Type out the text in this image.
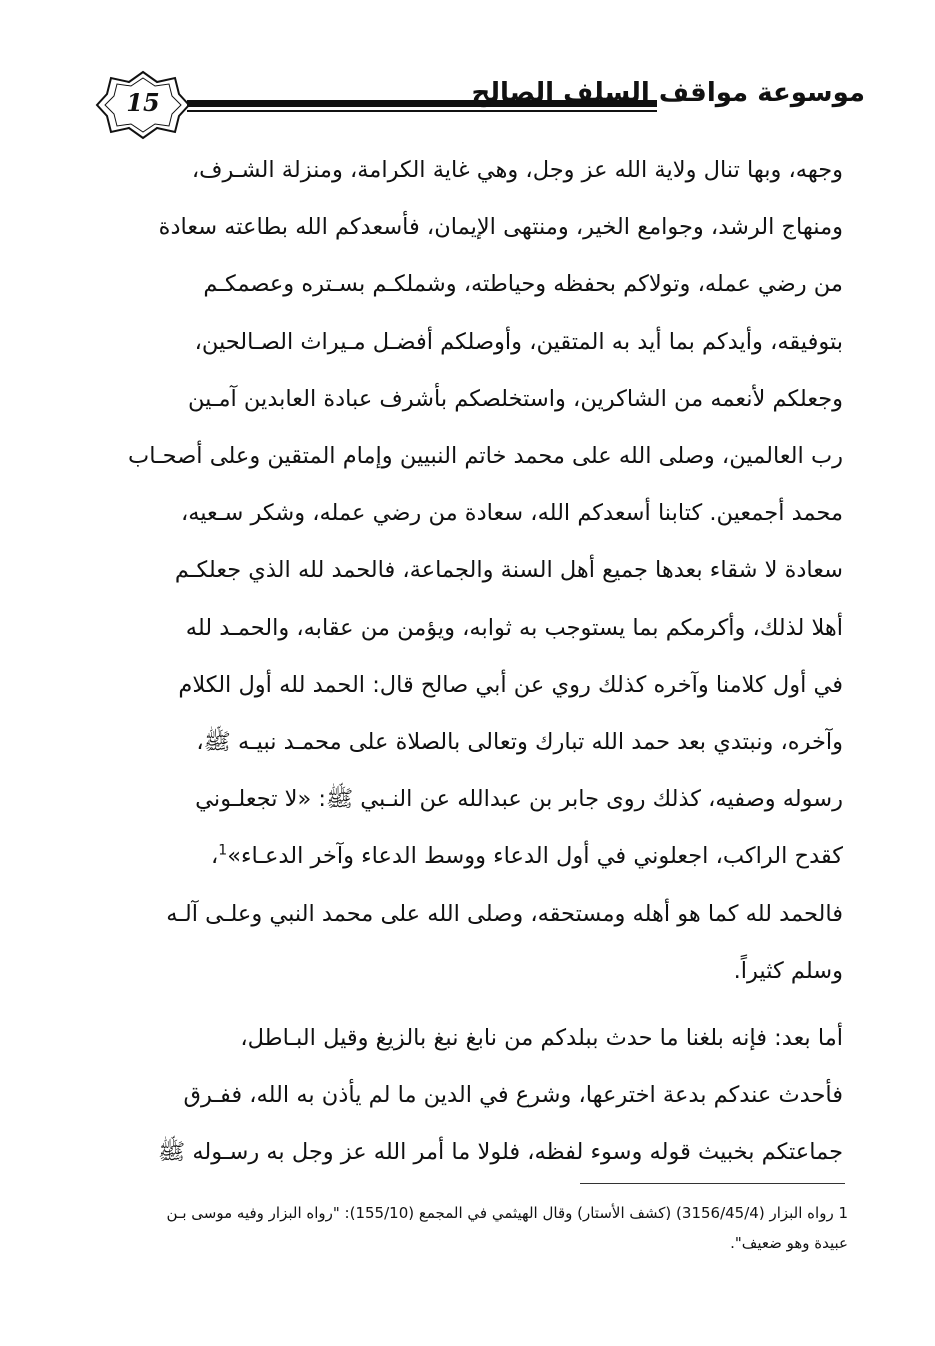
15	موسوعة مواقف السلف الصالح
وجهه، وبها تنال ولاية الله عز وجل، وهي غاية الكرامة، ومنزلة الشـرف،
ومنهاج الرشد، وجوامع الخير، ومنتهى الإيمان، فأسعدكم الله بطاعته سعادة
من رضي عمله، وتولاكم بحفظه وحياطته، وشملكـم بسـتره وعصمكـم
بتوفيقه، وأيدكم بما أيد به المتقين، وأوصلكم أفضـل مـيراث الصـالحين،
وجعلكم لأنعمه من الشاكرين، واستخلصكم بأشرف عبادة العابدين آمـين
رب العالمين، وصلى الله على محمد خاتم النبيين وإمام المتقين وعلى أصحـاب
محمد أجمعين. كتابنا أسعدكم الله، سعادة من رضي عمله، وشكر سـعيه،
سعادة لا شقاء بعدها جميع أهل السنة والجماعة، فالحمد لله الذي جعلكـم
أهلا لذلك، وأكرمكم بما يستوجب به ثوابه، ويؤمن من عقابه، والحمـد لله
في أول كلامنا وآخره كذلك روي عن أبي صالح قال: الحمد لله أول الكلام
وآخره، ونبتدي بعد حمد الله تبارك وتعالى بالصلاة على محمـد نبيـه ﷺ،
رسوله وصفيه، كذلك روى جابر بن عبدالله عن النـبي ﷺ: «لا تجعلـوني
كقدح الراكب، اجعلوني في أول الدعاء ووسط الدعاء وآخر الدعـاء»$^1$،
فالحمد لله كما هو أهله ومستحقه، وصلى الله على محمد النبي وعلـى آلـه
وسلم كثيراً.
أما بعد: فإنه بلغنا ما حدث ببلدكم من نابغ نبغ بالزيغ وقيل البـاطل،
فأحدث عندكم بدعة اخترعها، وشرع في الدين ما لم يأذن به الله، ففـرق
جماعتكم بخبيث قوله وسوء لفظه، فلولا ما أمر الله عز وجل به رسـوله ﷺ
1 رواه البزار (3156/45/4) (كشف الأستار) وقال الهيثمي في المجمع (155/10): "رواه البزار وفيه موسى بـن
عبيدة وهو ضعيف".
